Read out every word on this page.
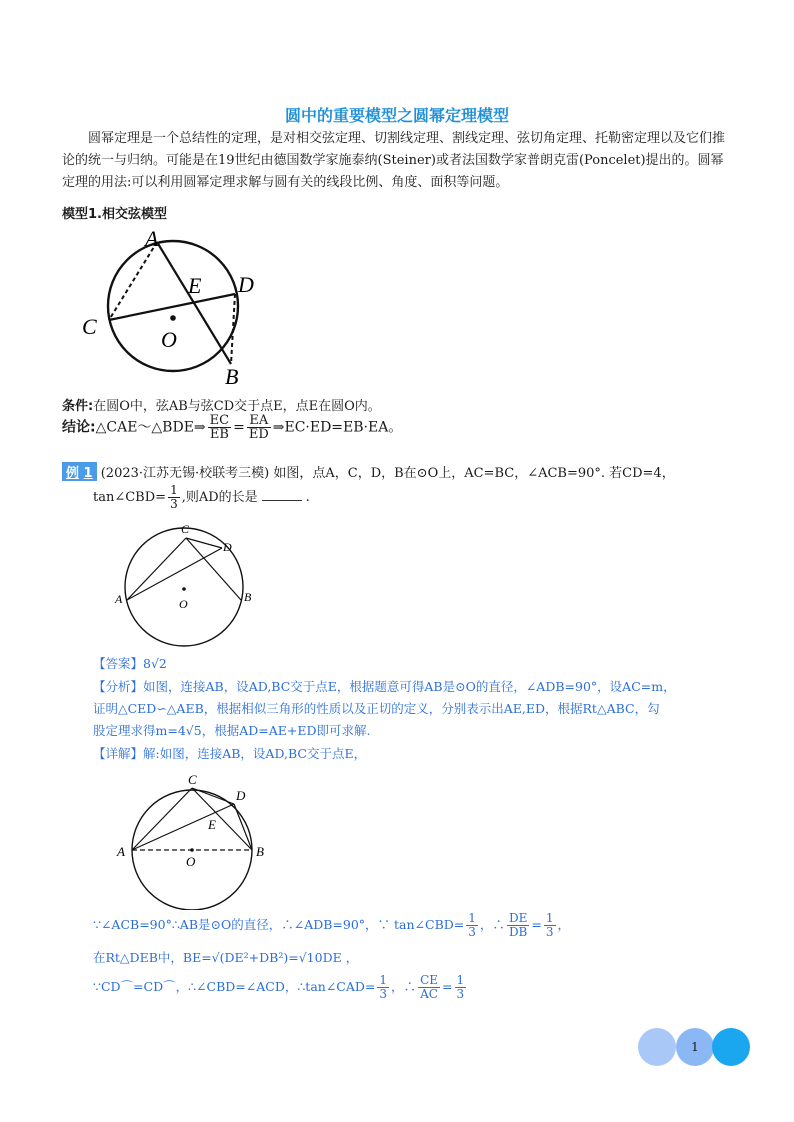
圆中的重要模型之圆幂定理模型
圆幂定理是一个总结性的定理，是对相交弦定理、切割线定理、割线定理、弦切角定理、托勒密定理以及它们推论的统一与归纳。可能是在19世纪由德国数学家施泰纳(Steiner)或者法国数学家普朗克雷(Poncelet)提出的。圆幂定理的用法:可以利用圆幂定理求解与圆有关的线段比例、角度、面积等问题。
模型1.相交弦模型
A
B
C
D
E
O
条件:在圆O中，弦AB与弦CD交于点E，点E在圆O内。
结论:△CAE～△BDE⇒ $\frac{EC}{EB} = \frac{EA}{ED}$ ⇒EC·ED=EB·EA。
例 1 (2023·江苏无锡·校联考三模) 如图，点A，C，D，B在⊙O上，AC=BC，∠ACB=90°. 若CD=4，
tan∠CBD= $\frac{1}{3}$ ,则AD的长是	.
A	B
C
D
O
【答案】8√2
【分析】如图，连接AB，设AD,BC交于点E，根据题意可得AB是⊙O的直径，∠ADB=90°，设AC=m，
证明△CED∽△AEB，根据相似三角形的性质以及正切的定义，分别表示出AE,ED，根据Rt△ABC，勾
股定理求得m=4√5，根据AD=AE+ED即可求解.
【详解】解:如图，连接AB，设AD,BC交于点E，
A	B
C
D
E
O
∵∠ACB=90°∴AB是⊙O的直径，∴∠ADB=90°，∵ tan∠CBD= $\frac{1}{3}$ ，∴ $\frac{DE}{DB} = \frac{1}{3}$ ，
在Rt△DEB中，BE=√(DE²+DB²)=√10DE ，
∵CD⌒=CD⌒，∴∠CBD=∠ACD，∴tan∠CAD= $\frac{1}{3}$ ，∴ $\frac{CE}{AC} = \frac{1}{3}$
1
